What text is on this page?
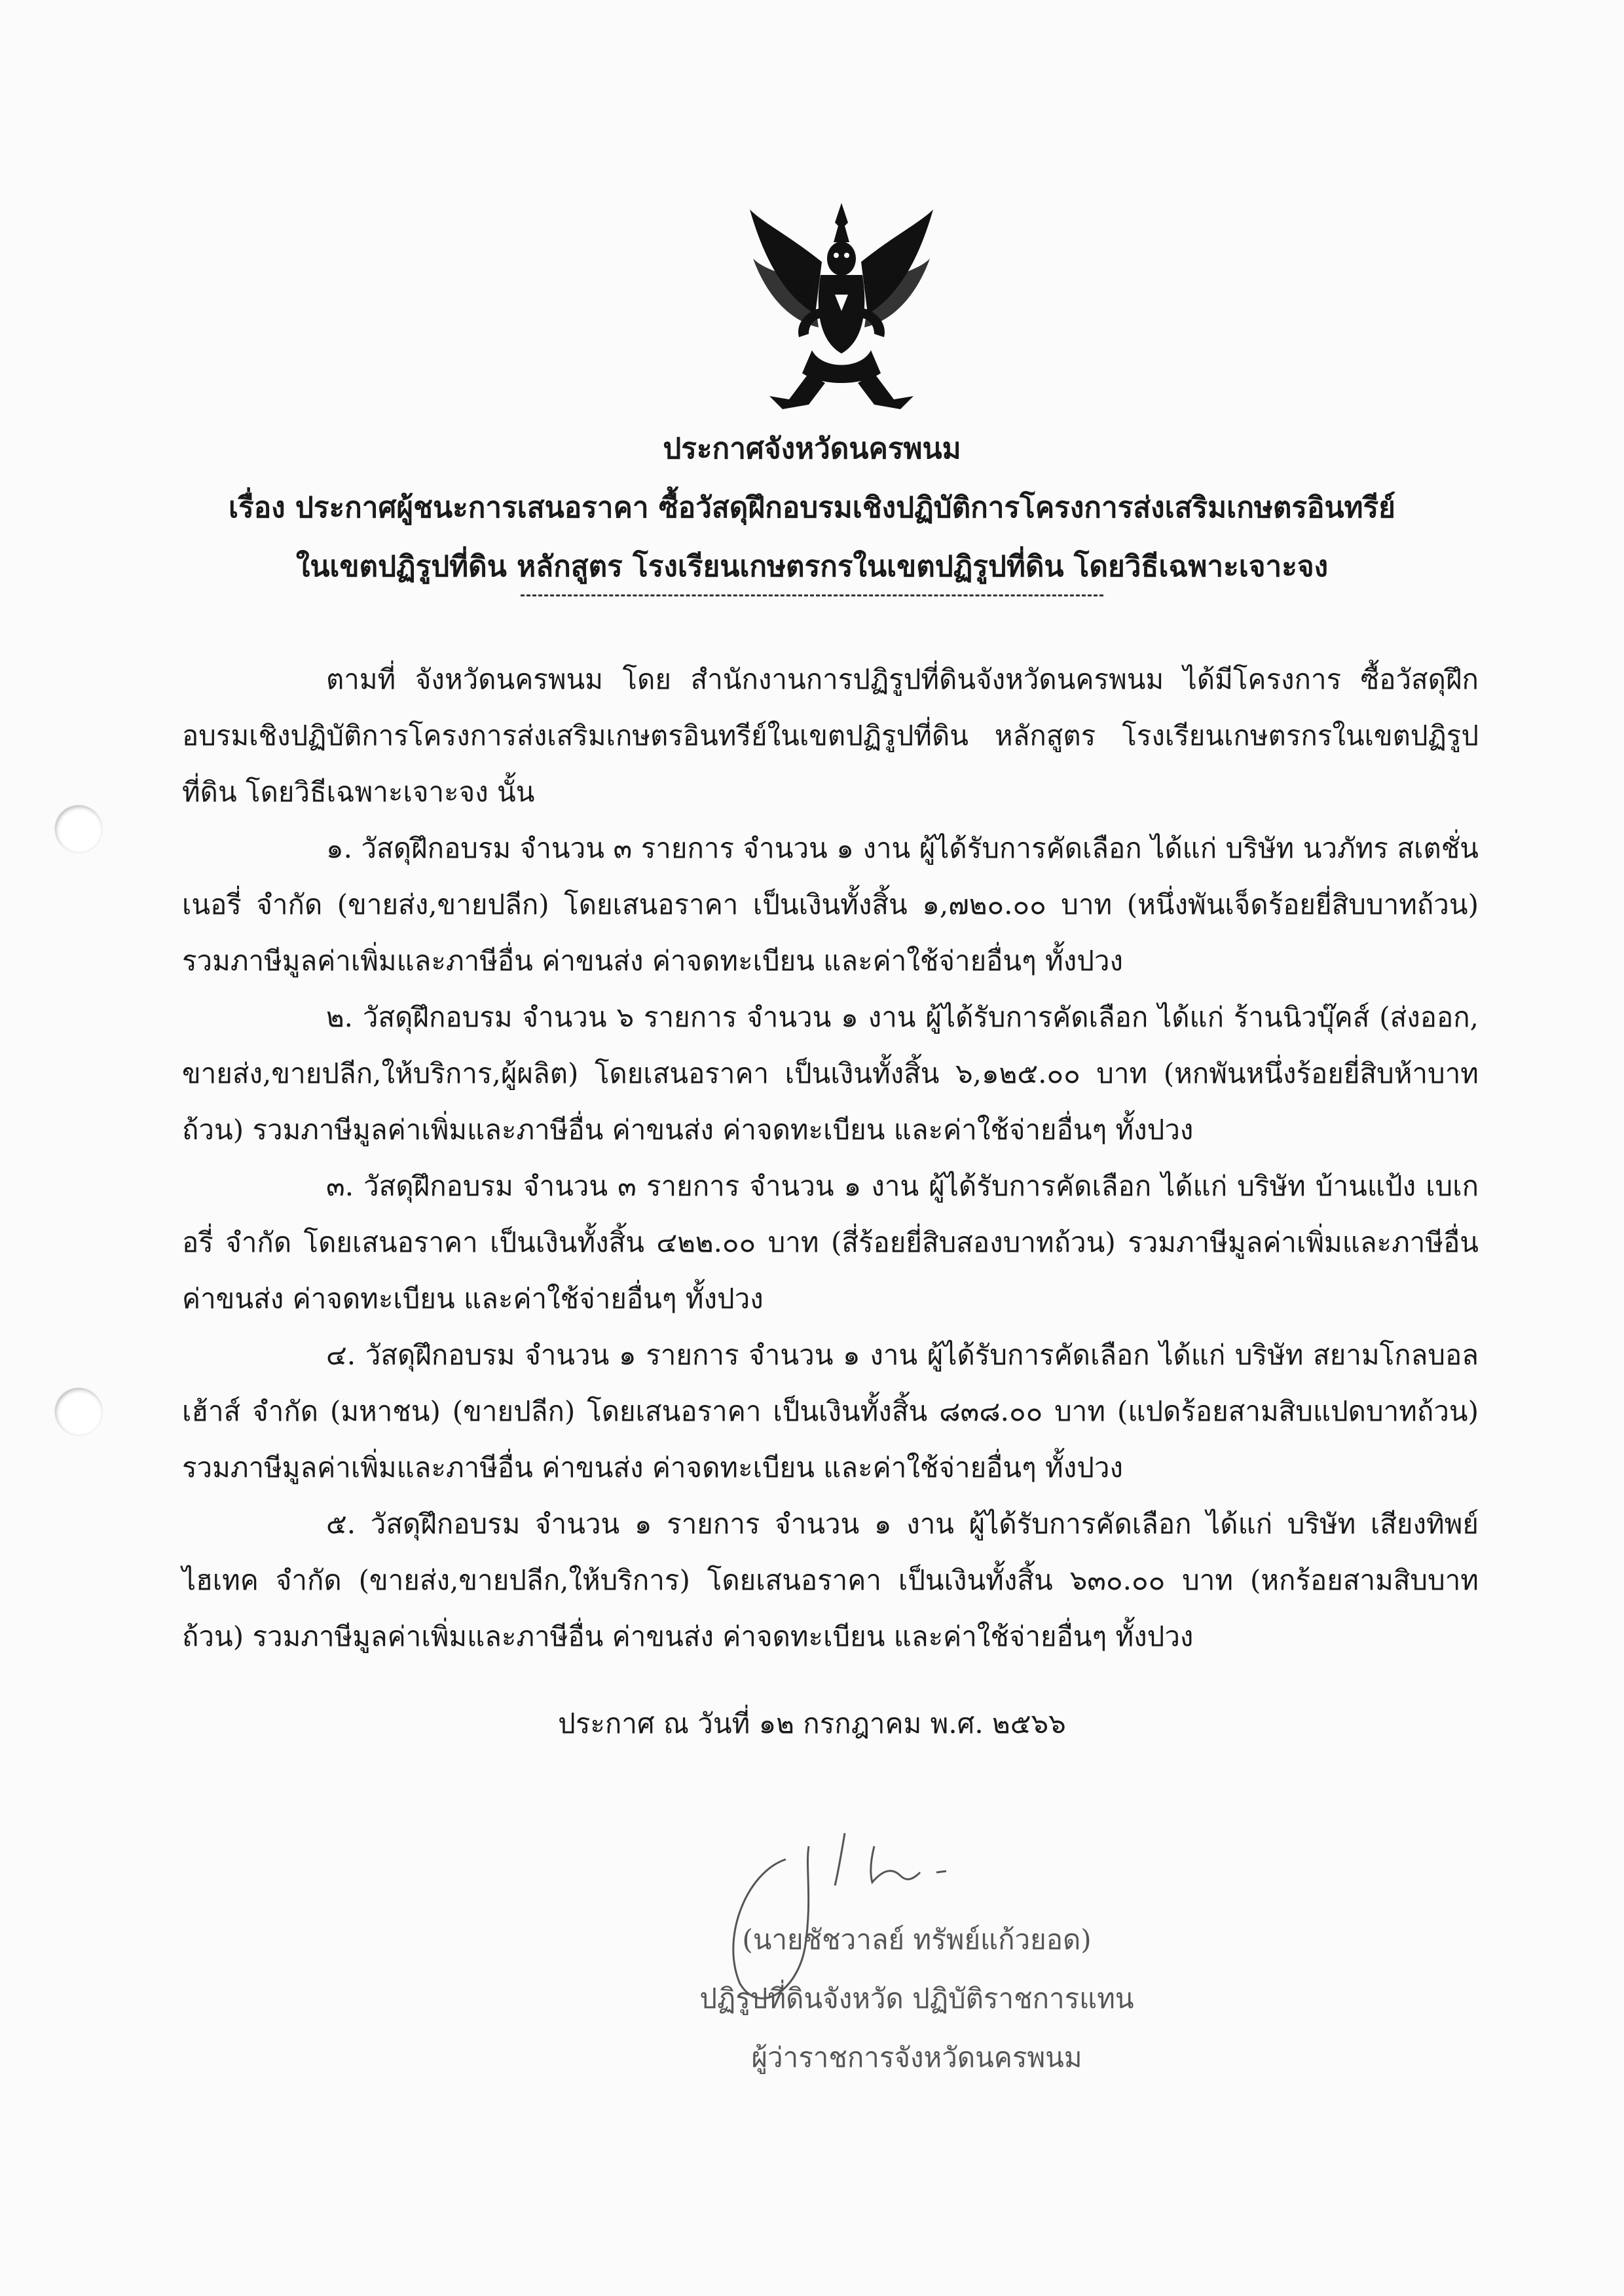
ประกาศจังหวัดนครพนม
เรื่อง ประกาศผู้ชนะการเสนอราคา ซื้อวัสดุฝึกอบรมเชิงปฏิบัติการโครงการส่งเสริมเกษตรอินทรีย์
ในเขตปฏิรูปที่ดิน หลักสูตร โรงเรียนเกษตรกรในเขตปฏิรูปที่ดิน โดยวิธีเฉพาะเจาะจง

ตามที่ จังหวัดนครพนม โดย สำนักงานการปฏิรูปที่ดินจังหวัดนครพนม ได้มีโครงการ ซื้อวัสดุฝึกอบรมเชิงปฏิบัติการโครงการส่งเสริมเกษตรอินทรีย์ในเขตปฏิรูปที่ดิน หลักสูตร โรงเรียนเกษตรกรในเขตปฏิรูปที่ดิน โดยวิธีเฉพาะเจาะจง นั้น

๑. วัสดุฝึกอบรม จำนวน ๓ รายการ จำนวน ๑ งาน ผู้ได้รับการคัดเลือก ได้แก่ บริษัท นวภัทร สเตชั่นเนอรี่ จำกัด (ขายส่ง,ขายปลีก) โดยเสนอราคา เป็นเงินทั้งสิ้น ๑,๗๒๐.๐๐ บาท (หนึ่งพันเจ็ดร้อยยี่สิบบาทถ้วน) รวมภาษีมูลค่าเพิ่มและภาษีอื่น ค่าขนส่ง ค่าจดทะเบียน และค่าใช้จ่ายอื่นๆ ทั้งปวง

๒. วัสดุฝึกอบรม จำนวน ๖ รายการ จำนวน ๑ งาน ผู้ได้รับการคัดเลือก ได้แก่ ร้านนิวบุ๊คส์ (ส่งออก, ขายส่ง,ขายปลีก,ให้บริการ,ผู้ผลิต) โดยเสนอราคา เป็นเงินทั้งสิ้น ๖,๑๒๕.๐๐ บาท (หกพันหนึ่งร้อยยี่สิบห้าบาทถ้วน) รวมภาษีมูลค่าเพิ่มและภาษีอื่น ค่าขนส่ง ค่าจดทะเบียน และค่าใช้จ่ายอื่นๆ ทั้งปวง

๓. วัสดุฝึกอบรม จำนวน ๓ รายการ จำนวน ๑ งาน ผู้ได้รับการคัดเลือก ได้แก่ บริษัท บ้านแป้ง เบเกอรี่ จำกัด โดยเสนอราคา เป็นเงินทั้งสิ้น ๔๒๒.๐๐ บาท (สี่ร้อยยี่สิบสองบาทถ้วน) รวมภาษีมูลค่าเพิ่มและภาษีอื่น ค่าขนส่ง ค่าจดทะเบียน และค่าใช้จ่ายอื่นๆ ทั้งปวง

๔. วัสดุฝึกอบรม จำนวน ๑ รายการ จำนวน ๑ งาน ผู้ได้รับการคัดเลือก ได้แก่ บริษัท สยามโกลบอลเฮ้าส์ จำกัด (มหาชน) (ขายปลีก) โดยเสนอราคา เป็นเงินทั้งสิ้น ๘๓๘.๐๐ บาท (แปดร้อยสามสิบแปดบาทถ้วน) รวมภาษีมูลค่าเพิ่มและภาษีอื่น ค่าขนส่ง ค่าจดทะเบียน และค่าใช้จ่ายอื่นๆ ทั้งปวง

๕. วัสดุฝึกอบรม จำนวน ๑ รายการ จำนวน ๑ งาน ผู้ได้รับการคัดเลือก ได้แก่ บริษัท เสียงทิพย์ไฮเทค จำกัด (ขายส่ง,ขายปลีก,ให้บริการ) โดยเสนอราคา เป็นเงินทั้งสิ้น ๖๓๐.๐๐ บาท (หกร้อยสามสิบบาทถ้วน) รวมภาษีมูลค่าเพิ่มและภาษีอื่น ค่าขนส่ง ค่าจดทะเบียน และค่าใช้จ่ายอื่นๆ ทั้งปวง

ประกาศ ณ วันที่ ๑๒ กรกฎาคม พ.ศ. ๒๕๖๖
(นายชัชวาลย์ ทรัพย์แก้วยอด)
ปฏิรูปที่ดินจังหวัด ปฏิบัติราชการแทน
ผู้ว่าราชการจังหวัดนครพนม
